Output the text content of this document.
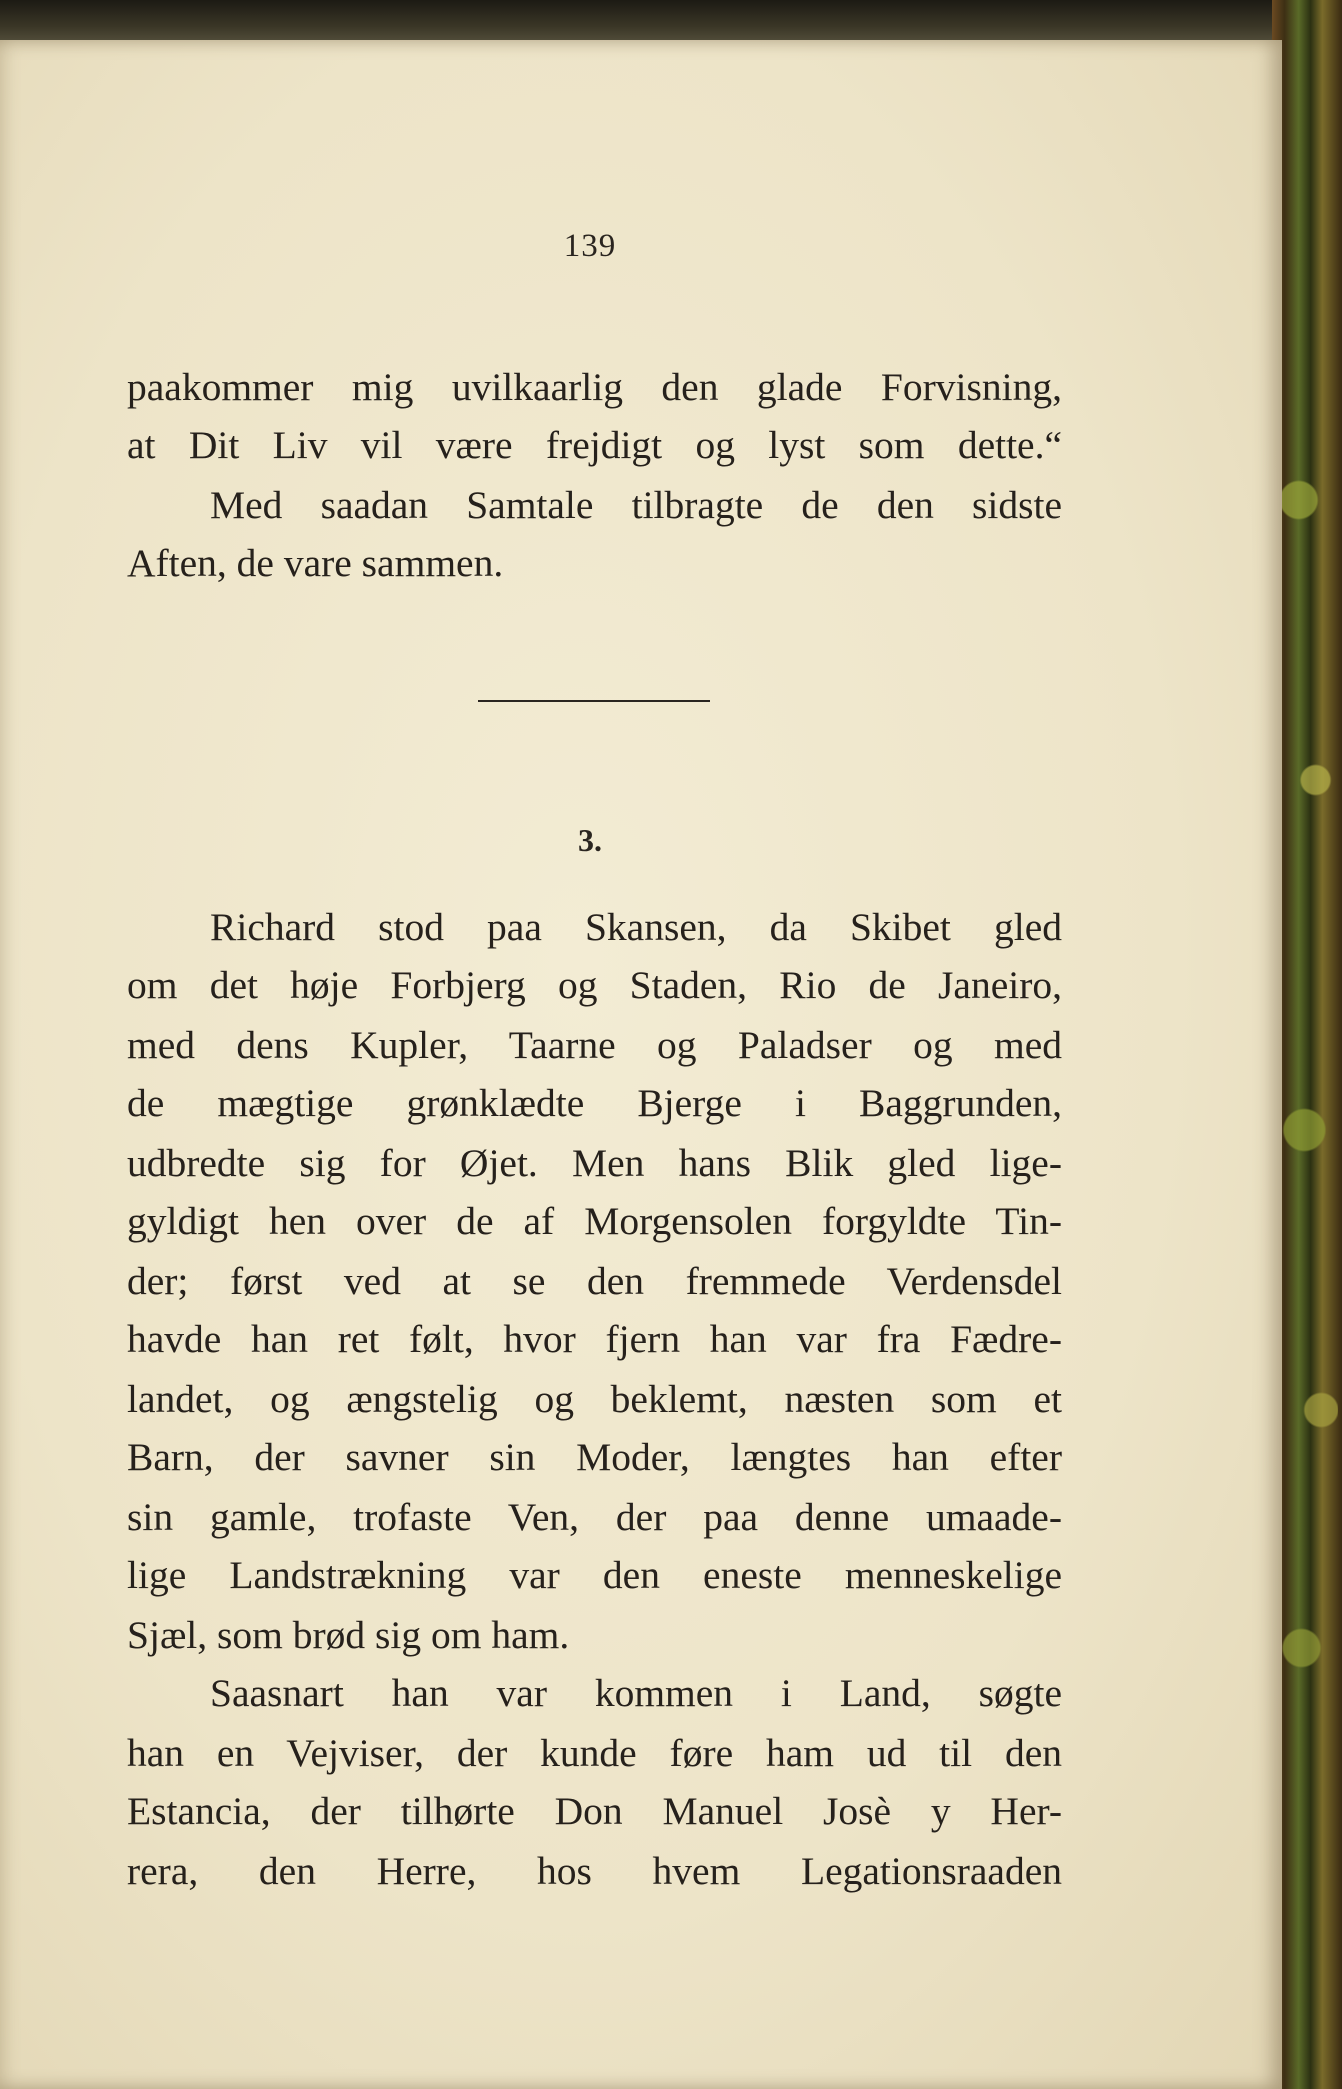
139
paakommer mig uvilkaarlig den glade Forvisning,
at Dit Liv vil være frejdigt og lyst som dette.“
Med saadan Samtale tilbragte de den sidste
Aften, de vare sammen.
3.
Richard stod paa Skansen, da Skibet gled
om det høje Forbjerg og Staden, Rio de Janeiro,
med dens Kupler, Taarne og Paladser og med
de mægtige grønklædte Bjerge i Baggrunden,
udbredte sig for Øjet. Men hans Blik gled lige-
gyldigt hen over de af Morgensolen forgyldte Tin-
der; først ved at se den fremmede Verdensdel
havde han ret følt, hvor fjern han var fra Fædre-
landet, og ængstelig og beklemt, næsten som et
Barn, der savner sin Moder, længtes han efter
sin gamle, trofaste Ven, der paa denne umaade-
lige Landstrækning var den eneste menneskelige
Sjæl, som brød sig om ham.
Saasnart han var kommen i Land, søgte
han en Vejviser, der kunde føre ham ud til den
Estancia, der tilhørte Don Manuel Josè y Her-
rera, den Herre, hos hvem Legationsraaden
